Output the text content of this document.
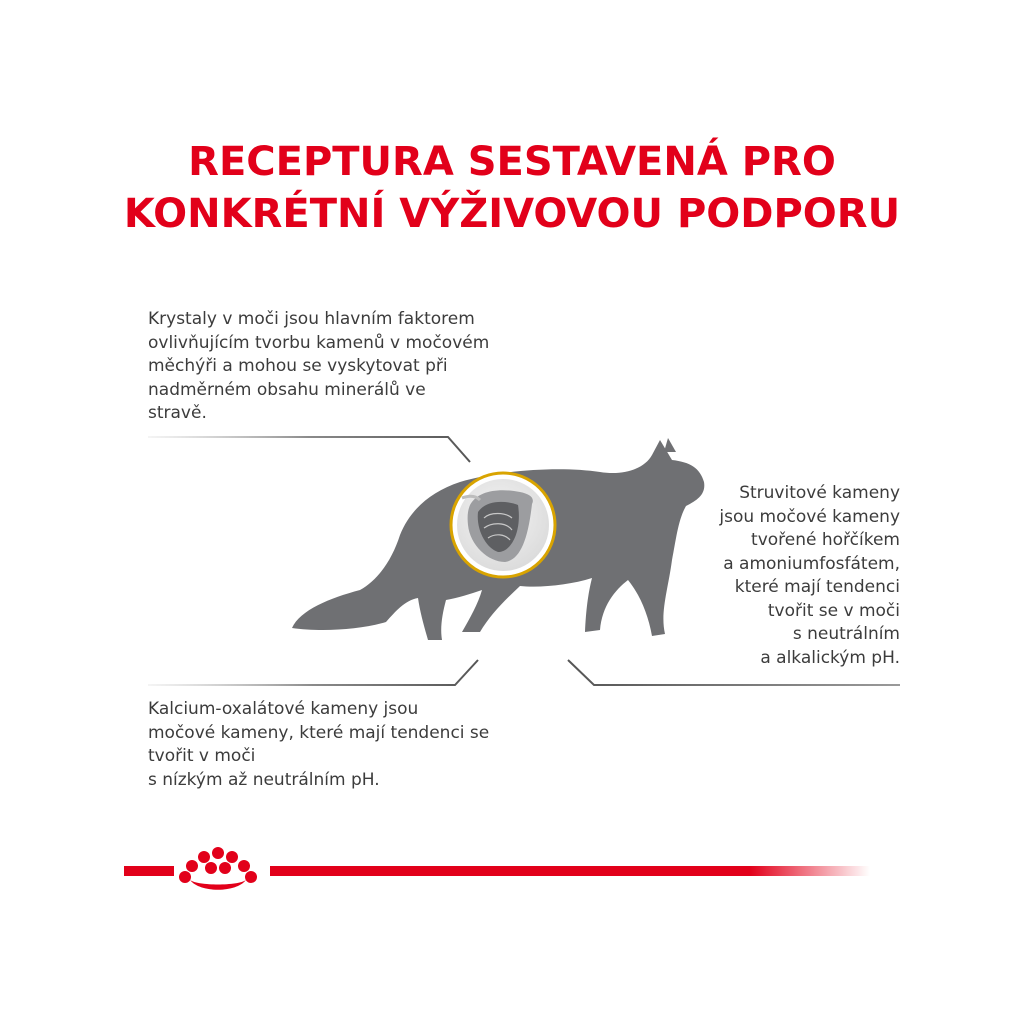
RECEPTURA SESTAVENÁ PRO
KONKRÉTNÍ VÝŽIVOVOU PODPORU
Krystaly v moči jsou hlavním faktorem
ovlivňujícím tvorbu kamenů v močovém
měchýři a mohou se vyskytovat při
nadměrném obsahu minerálů ve
stravě.
Struvitové kameny
jsou močové kameny
tvořené hořčíkem
a amoniumfosfátem,
které mají tendenci
tvořit se v moči
s neutrálním
a alkalickým pH.
Kalcium-oxalátové kameny jsou
močové kameny, které mají tendenci se
tvořit v moči
s nízkým až neutrálním pH.
